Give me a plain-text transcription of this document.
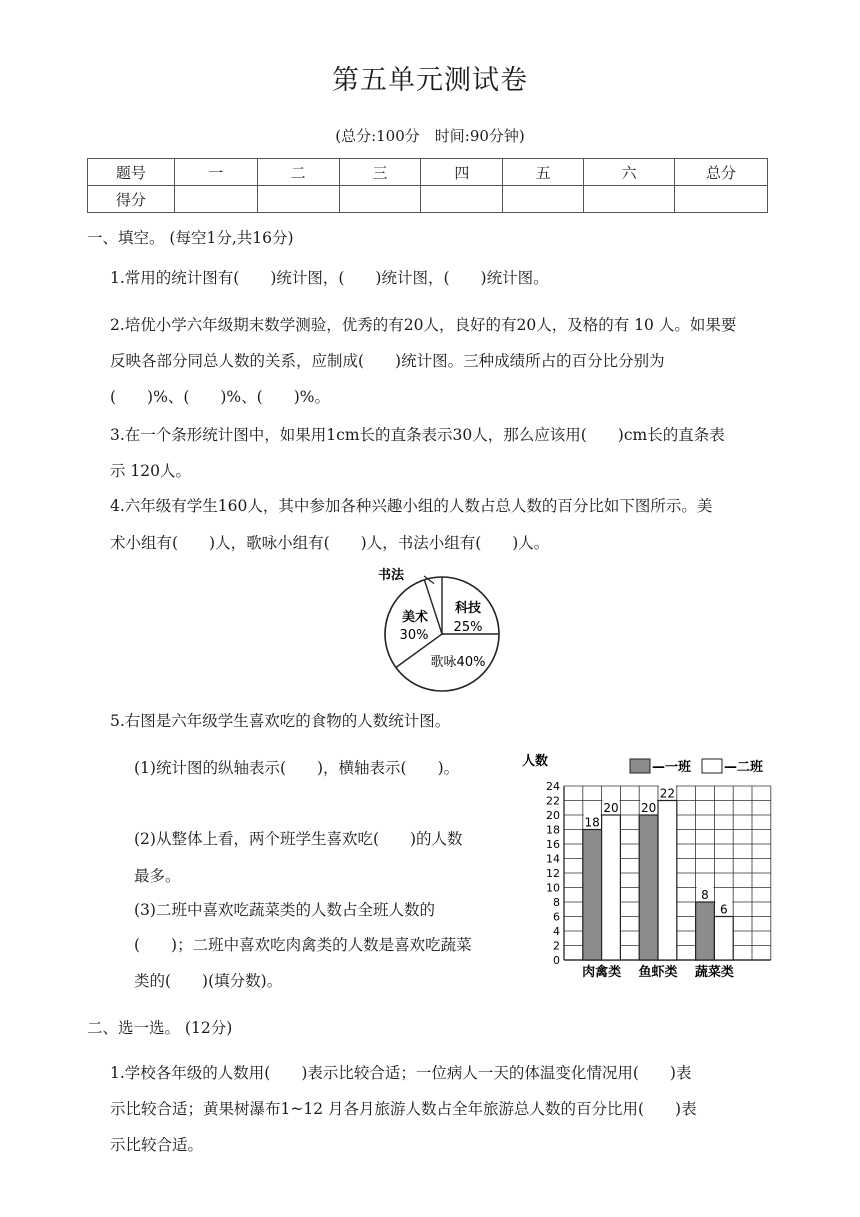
第五单元测试卷
(总分:100分　时间:90分钟)
题号	一	二	三	四	五	六	总分
得分							
一、填空。 (每空1分,共16分)
1.常用的统计图有(　　)统计图，(　　)统计图，(　　)统计图。
2.培优小学六年级期末数学测验，优秀的有20人，良好的有20人，及格的有 10 人。如果要
反映各部分同总人数的关系，应制成(　　)统计图。三种成绩所占的百分比分别为
(　　)%、(　　)%、(　　)%。
3.在一个条形统计图中，如果用1cm长的直条表示30人，那么应该用(　　)cm长的直条表
示 120人。
4.六年级有学生160人，其中参加各种兴趣小组的人数占总人数的百分比如下图所示。美
术小组有(　　)人，歌咏小组有(　　)人，书法小组有(　　)人。
科技
25%
歌咏40%
美术
30%
书法
5.右图是六年级学生喜欢吃的食物的人数统计图。
(1)统计图的纵轴表示(　　)，横轴表示(　　)。
(2)从整体上看，两个班学生喜欢吃(　　)的人数
最多。
(3)二班中喜欢吃蔬菜类的人数占全班人数的
(　　)；二班中喜欢吃肉禽类的人数是喜欢吃蔬菜
类的(　　)(填分数)。
0
2
4
6
8
10
12
14
16
18
20
22
24
人数	—一班	—二班
18
20
肉禽类
20
22
鱼虾类
8
6
蔬菜类
二、选一选。 (12分)
1.学校各年级的人数用(　　)表示比较合适；一位病人一天的体温变化情况用(　　)表
示比较合适；黄果树瀑布1~12 月各月旅游人数占全年旅游总人数的百分比用(　　)表
示比较合适。
